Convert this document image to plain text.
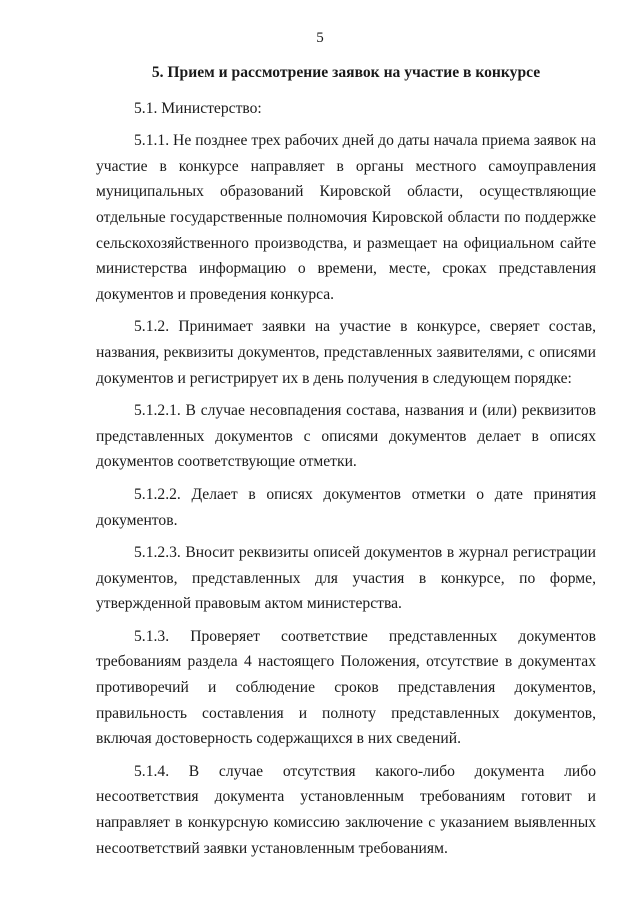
5
5. Прием и рассмотрение заявок на участие в конкурсе

5.1. Министерство:

5.1.1. Не позднее трех рабочих дней до даты начала приема заявок на участие в конкурсе направляет в органы местного самоуправления муниципальных образований Кировской области, осуществляющие отдельные государственные полномочия Кировской области по поддержке сельскохозяйственного производства, и размещает на официальном сайте министерства информацию о времени, месте, сроках представления документов и проведения конкурса.

5.1.2. Принимает заявки на участие в конкурсе, сверяет состав, названия, реквизиты документов, представленных заявителями, с описями документов и регистрирует их в день получения в следующем порядке:

5.1.2.1. В случае несовпадения состава, названия и (или) реквизитов представленных документов с описями документов делает в описях документов соответствующие отметки.

5.1.2.2. Делает в описях документов отметки о дате принятия документов.

5.1.2.3. Вносит реквизиты описей документов в журнал регистрации документов, представленных для участия в конкурсе, по форме, утвержденной правовым актом министерства.

5.1.3. Проверяет соответствие представленных документов требованиям раздела 4 настоящего Положения, отсутствие в документах противоречий и соблюдение сроков представления документов, правильность составления и полноту представленных документов, включая достоверность содержащихся в них сведений.

5.1.4. В случае отсутствия какого-либо документа либо несоответствия документа установленным требованиям готовит и направляет в конкурсную комиссию заключение с указанием выявленных несоответствий заявки установленным требованиям.
